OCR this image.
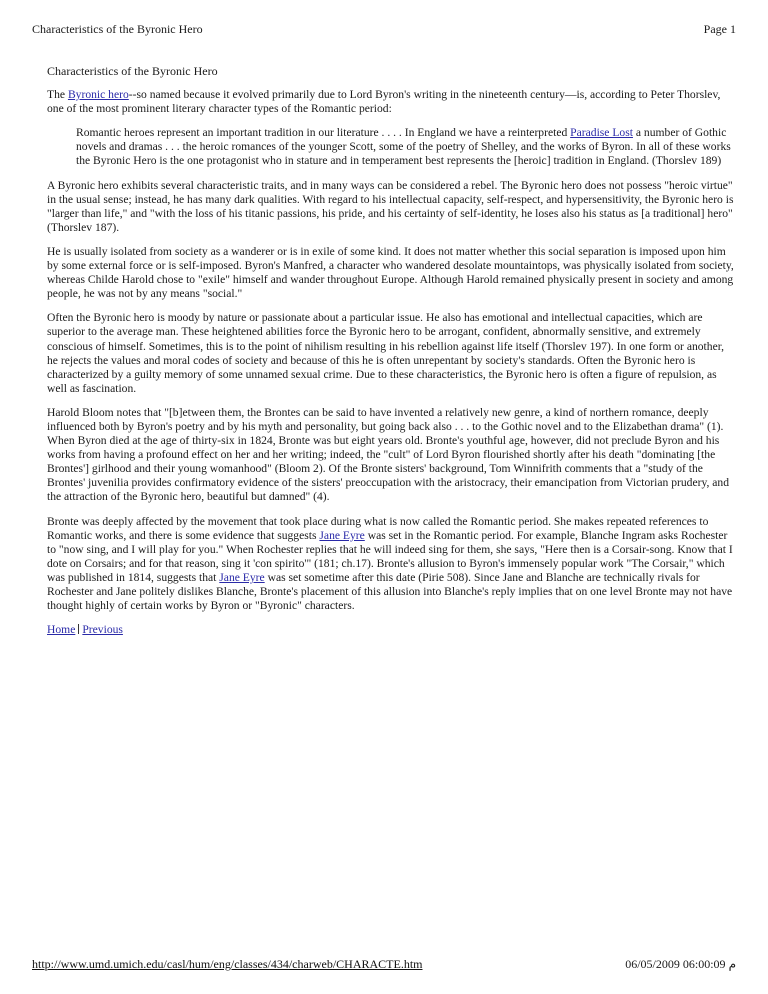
Characteristics of the Byronic Hero	Page 1

Characteristics of the Byronic Hero

The Byronic hero--so named because it evolved primarily due to Lord Byron's writing in the nineteenth century—is, according to Peter Thorslev, one of the most prominent literary character types of the Romantic period:

Romantic heroes represent an important tradition in our literature . . . . In England we have a reinterpreted Paradise Lost a number of Gothic novels and dramas . . . the heroic romances of the younger Scott, some of the poetry of Shelley, and the works of Byron. In all of these works the Byronic Hero is the one protagonist who in stature and in temperament best represents the [heroic] tradition in England. (Thorslev 189)

A Byronic hero exhibits several characteristic traits, and in many ways can be considered a rebel. The Byronic hero does not possess "heroic virtue" in the usual sense; instead, he has many dark qualities. With regard to his intellectual capacity, self-respect, and hypersensitivity, the Byronic hero is "larger than life," and "with the loss of his titanic passions, his pride, and his certainty of self-identity, he loses also his status as [a traditional] hero" (Thorslev 187).

He is usually isolated from society as a wanderer or is in exile of some kind. It does not matter whether this social separation is imposed upon him by some external force or is self-imposed. Byron's Manfred, a character who wandered desolate mountaintops, was physically isolated from society, whereas Childe Harold chose to "exile" himself and wander throughout Europe. Although Harold remained physically present in society and among people, he was not by any means "social."

Often the Byronic hero is moody by nature or passionate about a particular issue. He also has emotional and intellectual capacities, which are superior to the average man. These heightened abilities force the Byronic hero to be arrogant, confident, abnormally sensitive, and extremely conscious of himself. Sometimes, this is to the point of nihilism resulting in his rebellion against life itself (Thorslev 197). In one form or another, he rejects the values and moral codes of society and because of this he is often unrepentant by society's standards. Often the Byronic hero is characterized by a guilty memory of some unnamed sexual crime. Due to these characteristics, the Byronic hero is often a figure of repulsion, as well as fascination.

Harold Bloom notes that "[b]etween them, the Brontes can be said to have invented a relatively new genre, a kind of northern romance, deeply influenced both by Byron's poetry and by his myth and personality, but going back also . . . to the Gothic novel and to the Elizabethan drama" (1). When Byron died at the age of thirty-six in 1824, Bronte was but eight years old. Bronte's youthful age, however, did not preclude Byron and his works from having a profound effect on her and her writing; indeed, the "cult" of Lord Byron flourished shortly after his death "dominating [the Brontes'] girlhood and their young womanhood" (Bloom 2). Of the Bronte sisters' background, Tom Winnifrith comments that a "study of the Brontes' juvenilia provides confirmatory evidence of the sisters' preoccupation with the aristocracy, their emancipation from Victorian prudery, and the attraction of the Byronic hero, beautiful but damned" (4).

Bronte was deeply affected by the movement that took place during what is now called the Romantic period. She makes repeated references to Romantic works, and there is some evidence that suggests Jane Eyre was set in the Romantic period. For example, Blanche Ingram asks Rochester to "now sing, and I will play for you." When Rochester replies that he will indeed sing for them, she says, "Here then is a Corsair-song. Know that I dote on Corsairs; and for that reason, sing it 'con spirito'" (181; ch.17). Bronte's allusion to Byron's immensely popular work "The Corsair," which was published in 1814, suggests that Jane Eyre was set sometime after this date (Pirie 508). Since Jane and Blanche are technically rivals for Rochester and Jane politely dislikes Blanche, Bronte's placement of this allusion into Blanche's reply implies that on one level Bronte may not have thought highly of certain works by Byron or "Byronic" characters.

Home Previous

http://www.umd.umich.edu/casl/hum/eng/classes/434/charweb/CHARACTE.htm	06/05/2009 06:00:09 م
